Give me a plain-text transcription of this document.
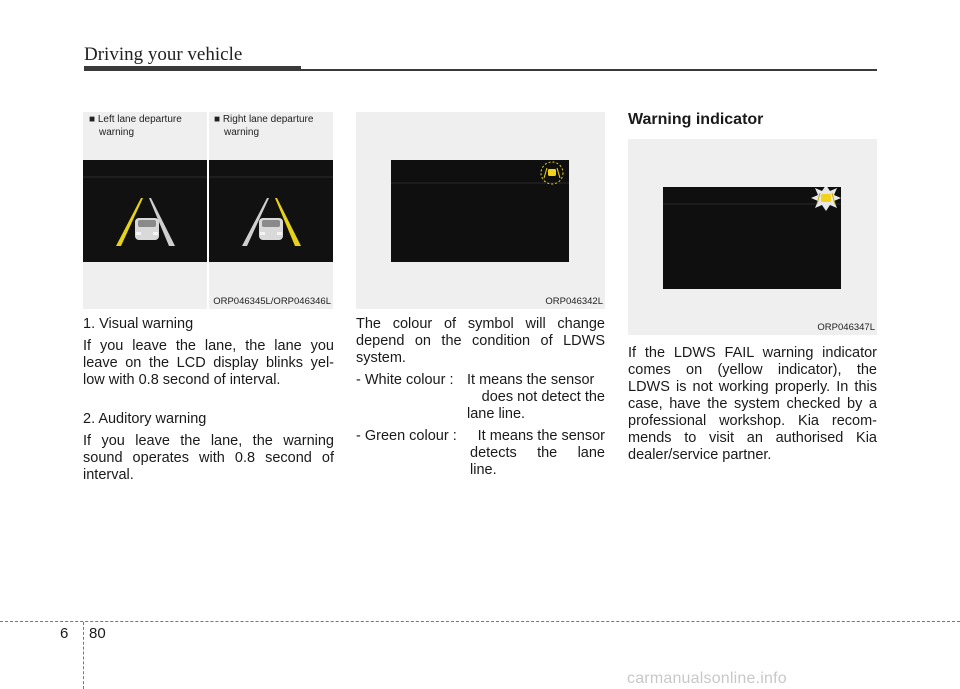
Driving your vehicle
■ Left lane departure
warning
■ Right lane departure
warning
ORP046345L/ORP046346L

1. Visual warning

If you leave the lane, the lane you leave on the LCD display blinks yel-low with 0.8 second of interval.

2. Auditory warning

If you leave the lane, the warning sound operates with 0.8 second of interval.

ORP046342L

The colour of symbol will change depend on the condition of LDWS system.

- White colour : It means the sensor
does not detect the
lane line.
- Green colour :	It means the sensor
detects the lane
line.
Warning indicator
ORP046347L

If the LDWS FAIL warning indicator comes on (yellow indicator), the LDWS is not working properly. In this case, have the system checked by a professional workshop. Kia recom-mends to visit an authorised Kia dealer/service partner.

6 80
carmanualsonline.info
